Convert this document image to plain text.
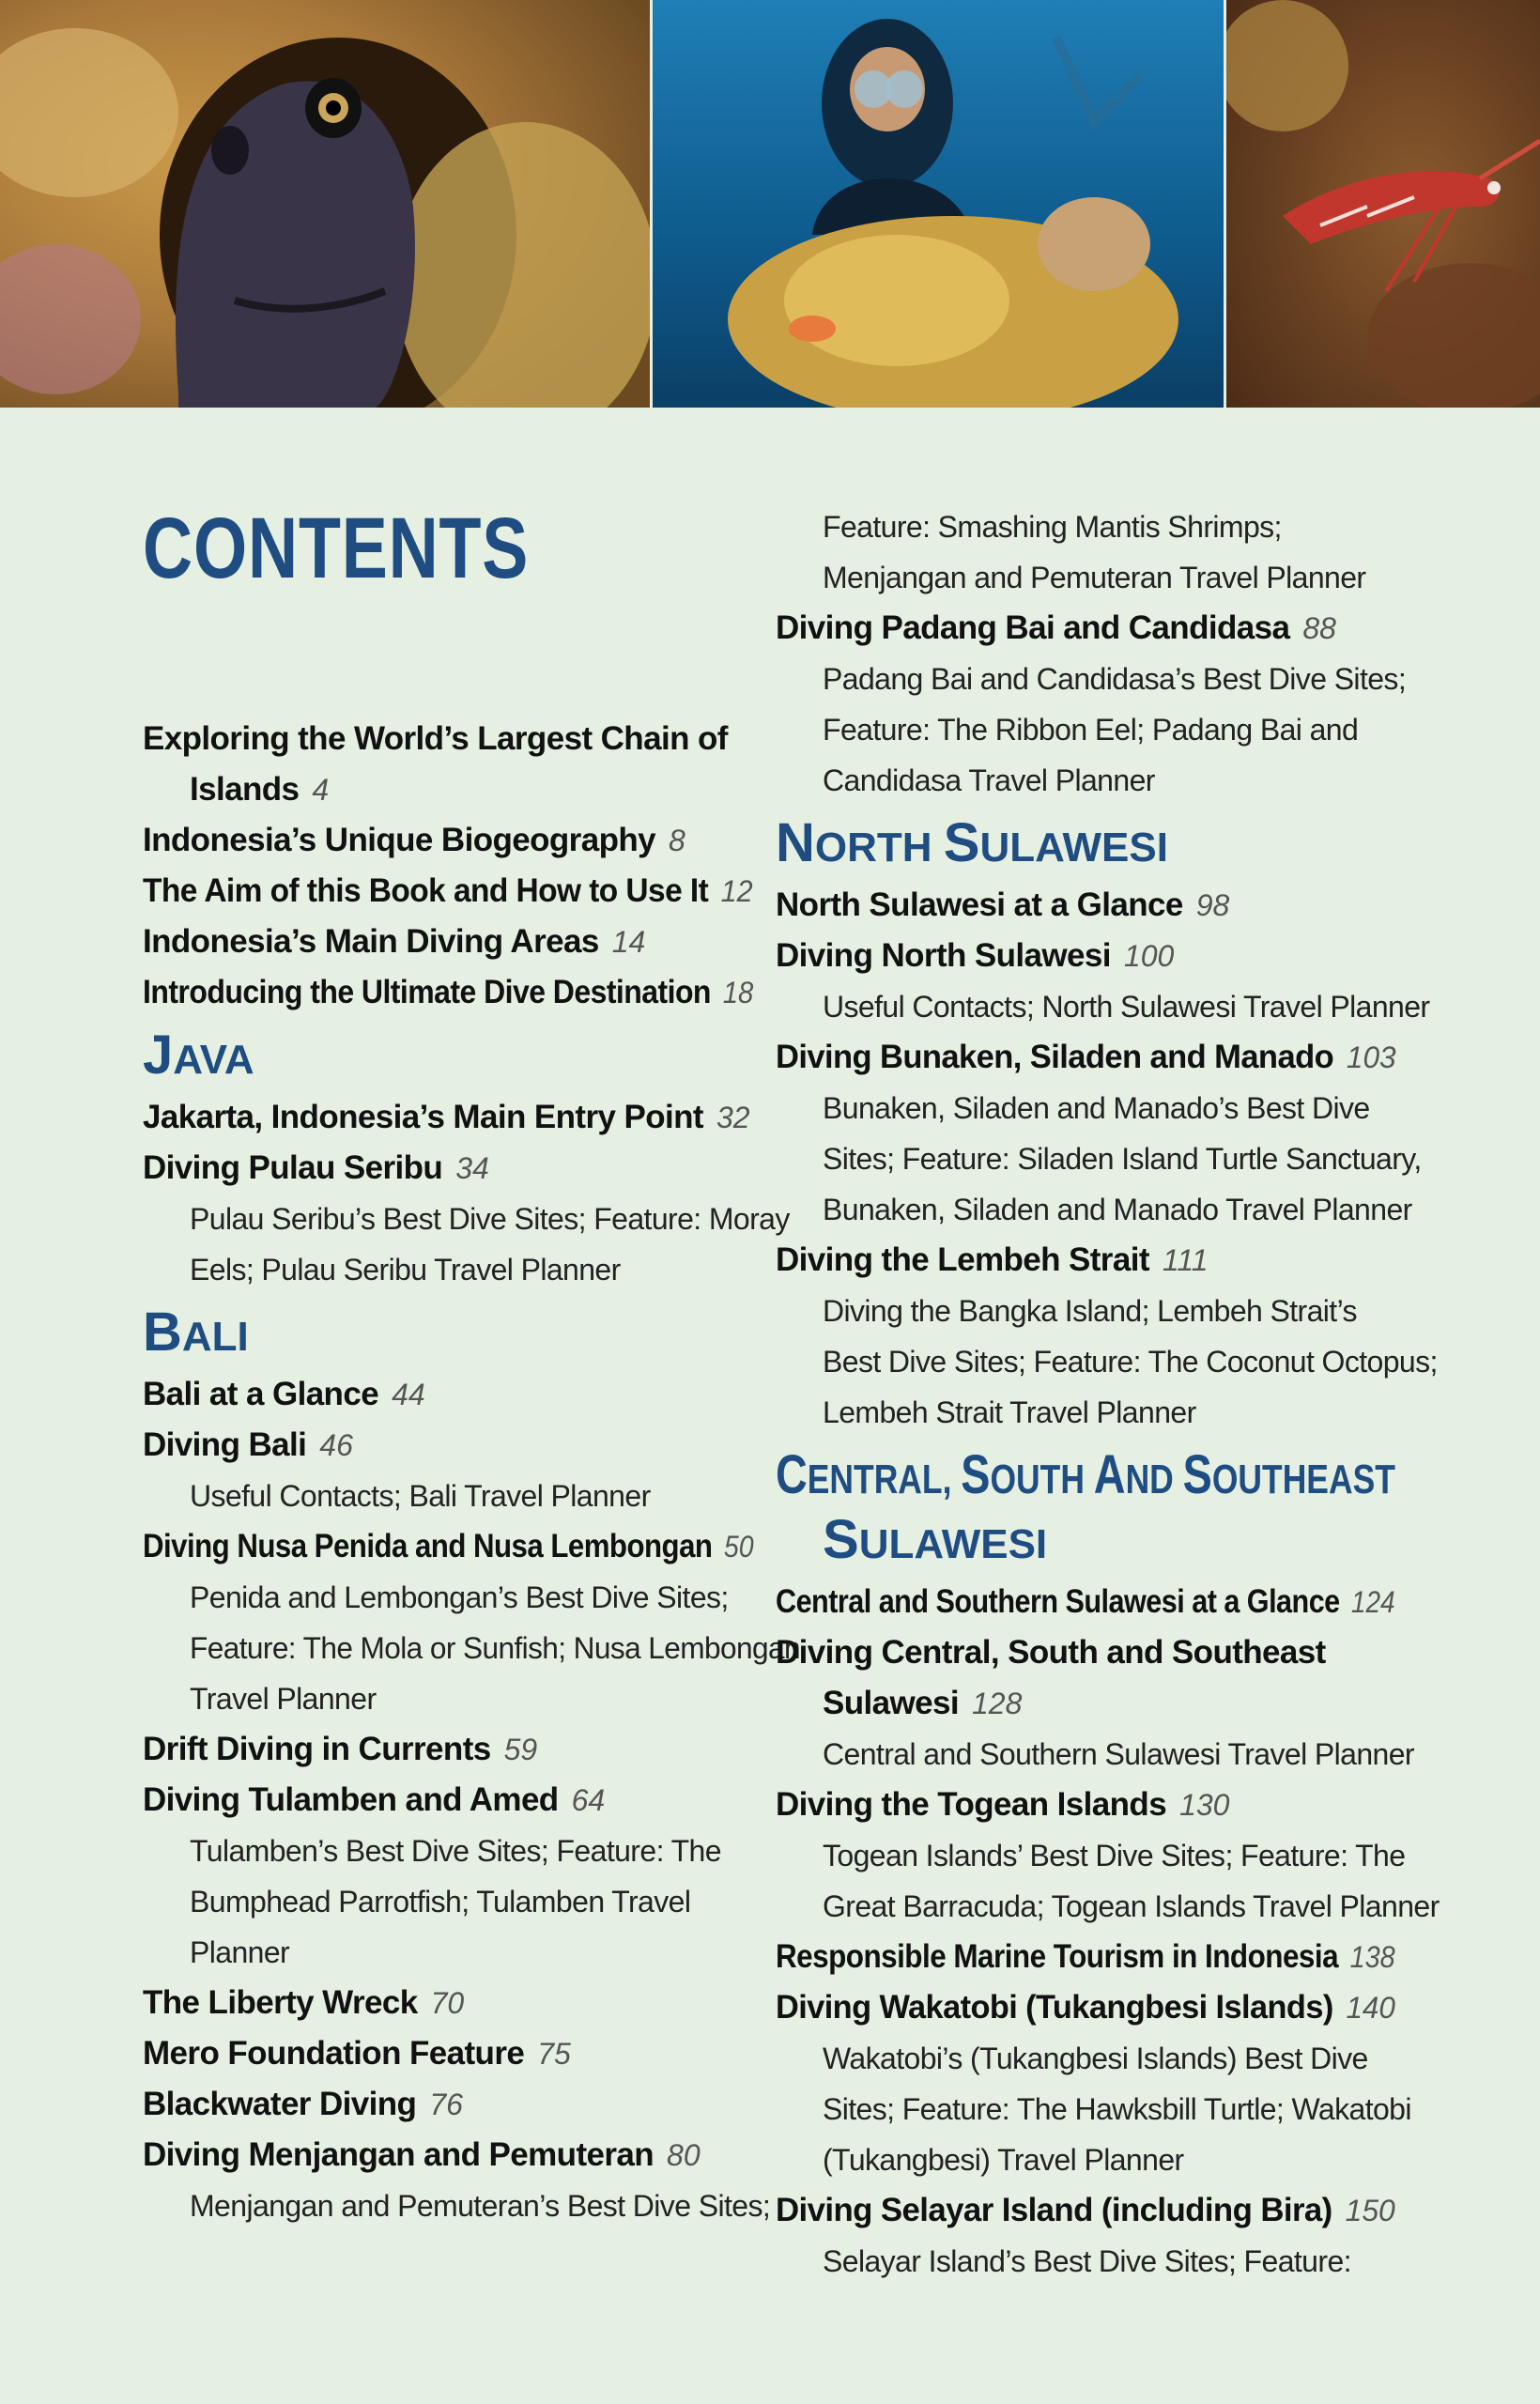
CONTENTS
Exploring the World’s Largest Chain of
Islands 4
Indonesia’s Unique Biogeography 8
The Aim of this Book and How to Use It 12
Indonesia’s Main Diving Areas 14
Introducing the Ultimate Dive Destination 18
JAVA
Jakarta, Indonesia’s Main Entry Point 32
Diving Pulau Seribu 34
Pulau Seribu’s Best Dive Sites; Feature: Moray
Eels; Pulau Seribu Travel Planner
BALI
Bali at a Glance 44
Diving Bali 46
Useful Contacts; Bali Travel Planner
Diving Nusa Penida and Nusa Lembongan 50
Penida and Lembongan’s Best Dive Sites;
Feature: The Mola or Sunfish; Nusa Lembongan
Travel Planner
Drift Diving in Currents 59
Diving Tulamben and Amed 64
Tulamben’s Best Dive Sites; Feature: The
Bumphead Parrotfish; Tulamben Travel
Planner
The Liberty Wreck 70
Mero Foundation Feature 75
Blackwater Diving 76
Diving Menjangan and Pemuteran 80
Menjangan and Pemuteran’s Best Dive Sites;
Feature: Smashing Mantis Shrimps;
Menjangan and Pemuteran Travel Planner
Diving Padang Bai and Candidasa 88
Padang Bai and Candidasa’s Best Dive Sites;
Feature: The Ribbon Eel; Padang Bai and
Candidasa Travel Planner
NORTH SULAWESI
North Sulawesi at a Glance 98
Diving North Sulawesi 100
Useful Contacts; North Sulawesi Travel Planner
Diving Bunaken, Siladen and Manado 103
Bunaken, Siladen and Manado’s Best Dive
Sites; Feature: Siladen Island Turtle Sanctuary,
Bunaken, Siladen and Manado Travel Planner
Diving the Lembeh Strait 111
Diving the Bangka Island; Lembeh Strait’s
Best Dive Sites; Feature: The Coconut Octopus;
Lembeh Strait Travel Planner
CENTRAL, SOUTH AND SOUTHEAST
SULAWESI
Central and Southern Sulawesi at a Glance 124
Diving Central, South and Southeast
Sulawesi 128
Central and Southern Sulawesi Travel Planner
Diving the Togean Islands 130
Togean Islands’ Best Dive Sites; Feature: The
Great Barracuda; Togean Islands Travel Planner
Responsible Marine Tourism in Indonesia 138
Diving Wakatobi (Tukangbesi Islands) 140
Wakatobi’s (Tukangbesi Islands) Best Dive
Sites; Feature: The Hawksbill Turtle; Wakatobi
(Tukangbesi) Travel Planner
Diving Selayar Island (including Bira) 150
Selayar Island’s Best Dive Sites; Feature:
